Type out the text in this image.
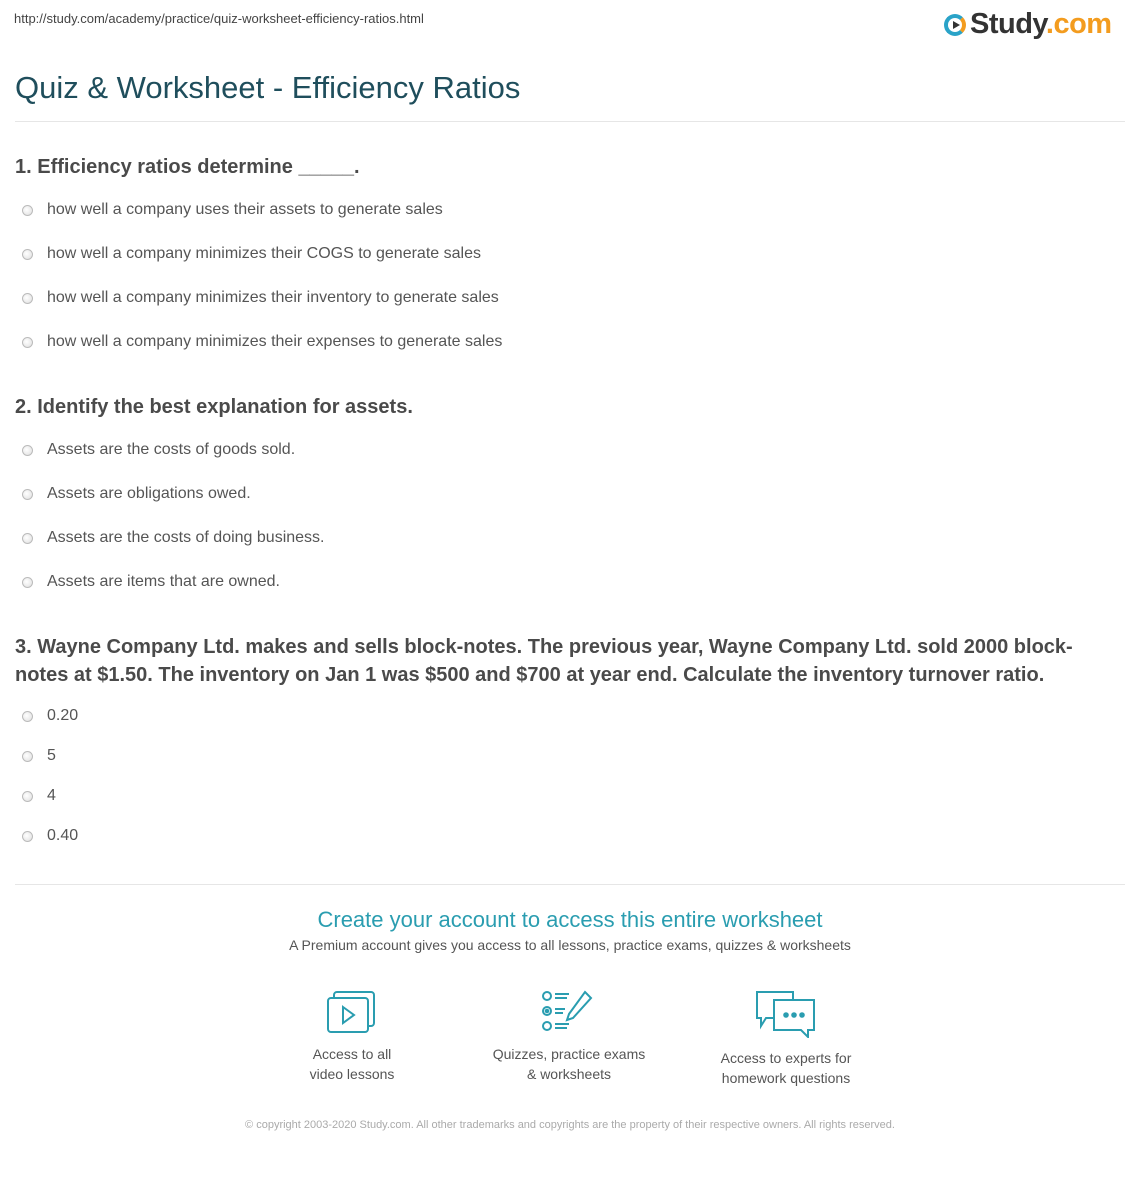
http://study.com/academy/practice/quiz-worksheet-efficiency-ratios.html	Study.com
Quiz & Worksheet - Efficiency Ratios
1. Efficiency ratios determine _____.
how well a company uses their assets to generate sales
how well a company minimizes their COGS to generate sales
how well a company minimizes their inventory to generate sales
how well a company minimizes their expenses to generate sales
2. Identify the best explanation for assets.
Assets are the costs of goods sold.
Assets are obligations owed.
Assets are the costs of doing business.
Assets are items that are owned.
3. Wayne Company Ltd. makes and sells block-notes. The previous year, Wayne Company Ltd. sold 2000 block-notes at $1.50. The inventory on Jan 1 was $500 and $700 at year end. Calculate the inventory turnover ratio.
0.20
5
4
0.40
Create your account to access this entire worksheet
A Premium account gives you access to all lessons, practice exams, quizzes & worksheets
Access to all
video lessons
Quizzes, practice exams
& worksheets
Access to experts for
homework questions
© copyright 2003-2020 Study.com. All other trademarks and copyrights are the property of their respective owners. All rights reserved.
